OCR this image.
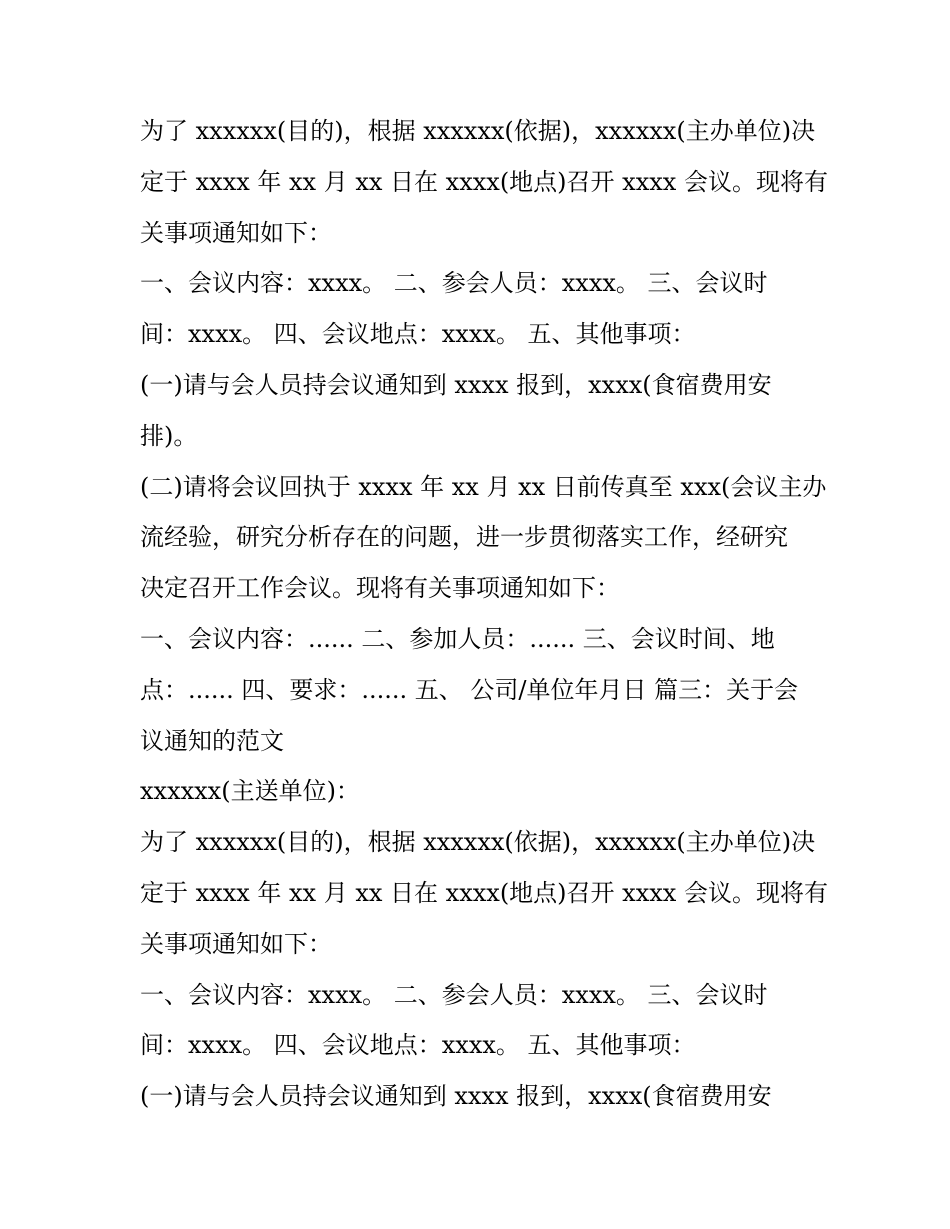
为了 xxxxxx(目的)，根据 xxxxxx(依据)，xxxxxx(主办单位)决
定于 xxxx 年 xx 月 xx 日在 xxxx(地点)召开 xxxx 会议。现将有
关事项通知如下：
一、会议内容：xxxx。 二、参会人员：xxxx。 三、会议时
间：xxxx。 四、会议地点：xxxx。 五、其他事项：
(一)请与会人员持会议通知到 xxxx 报到，xxxx(食宿费用安
排)。
(二)请将会议回执于 xxxx 年 xx 月 xx 日前传真至 xxx(会议主办
流经验，研究分析存在的问题，进一步贯彻落实工作，经研究
决定召开工作会议。现将有关事项通知如下：
一、会议内容：...... 二、参加人员：...... 三、会议时间、地
点：...... 四、要求：...... 五、 公司/单位年月日 篇三：关于会
议通知的范文
xxxxxx(主送单位)：
为了 xxxxxx(目的)，根据 xxxxxx(依据)，xxxxxx(主办单位)决
定于 xxxx 年 xx 月 xx 日在 xxxx(地点)召开 xxxx 会议。现将有
关事项通知如下：
一、会议内容：xxxx。 二、参会人员：xxxx。 三、会议时
间：xxxx。 四、会议地点：xxxx。 五、其他事项：
(一)请与会人员持会议通知到 xxxx 报到，xxxx(食宿费用安
